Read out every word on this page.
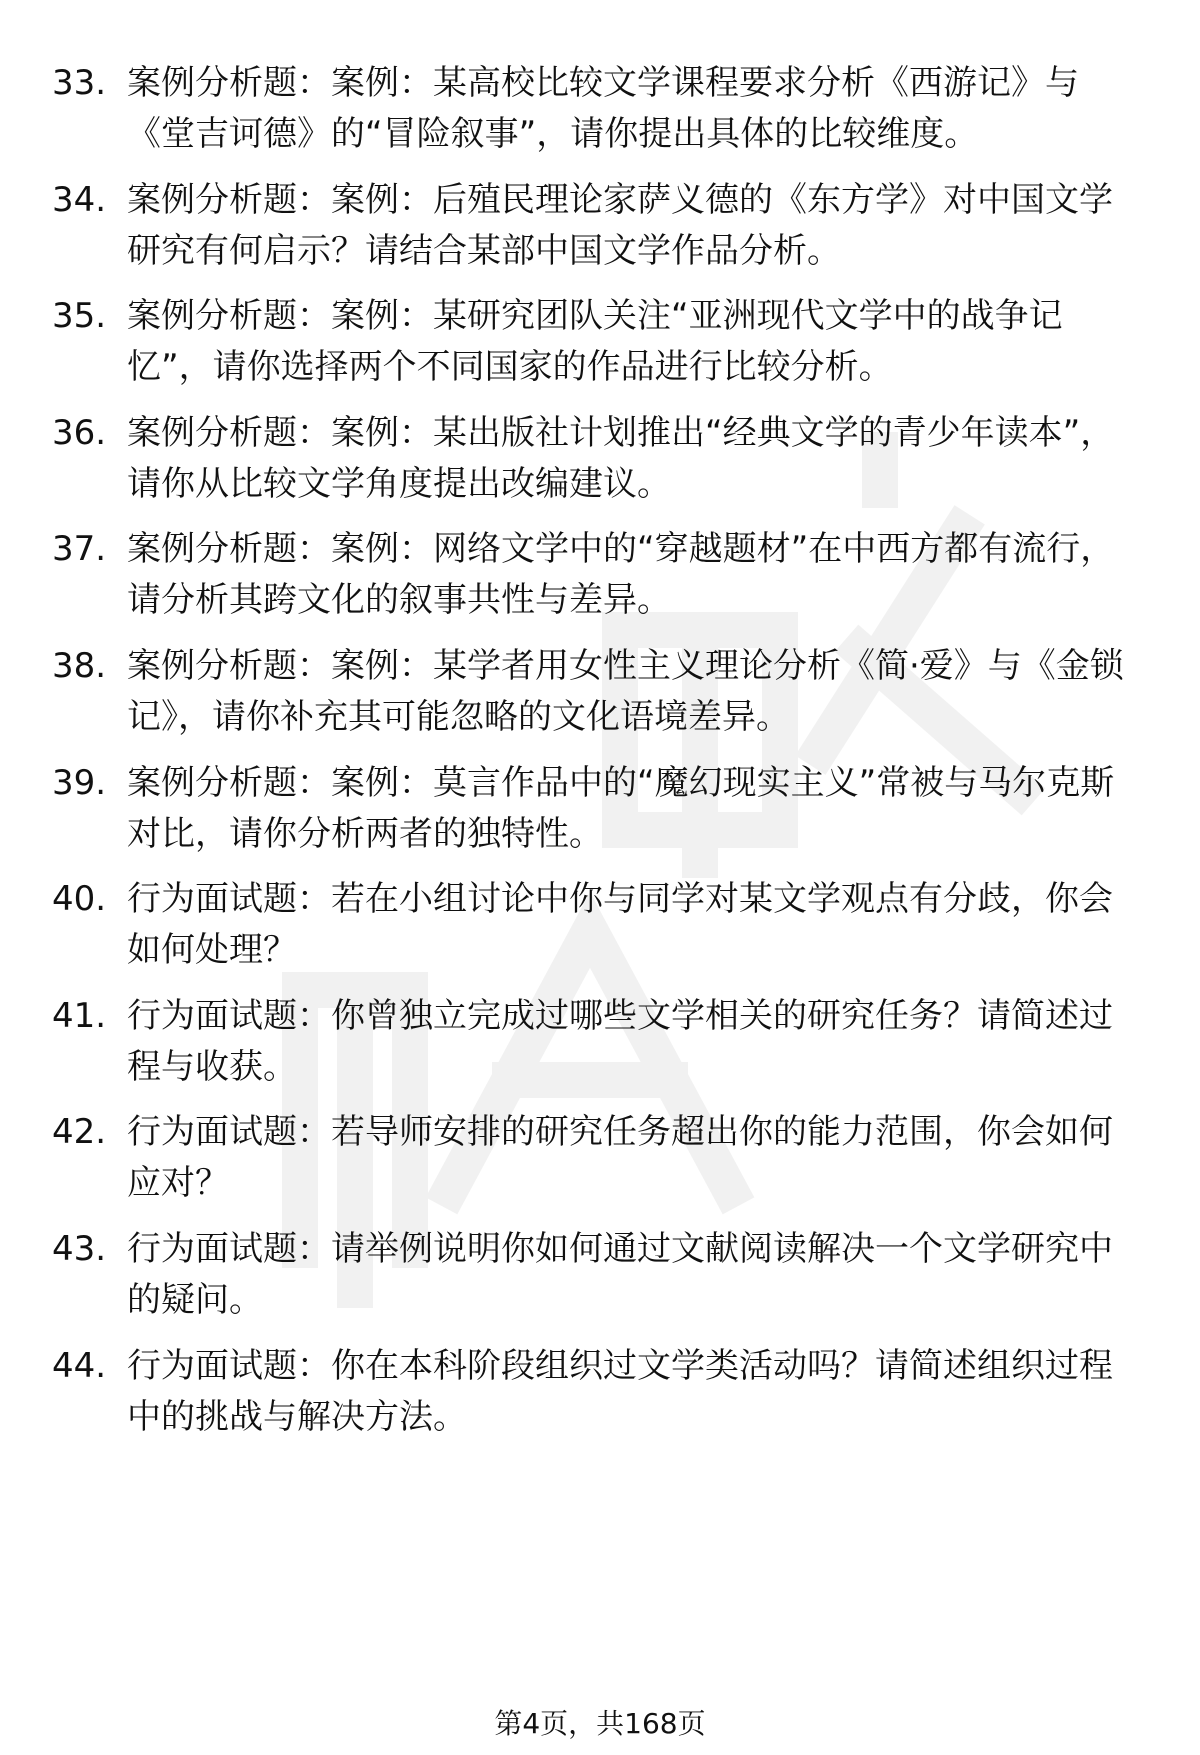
33. 案例分析题：案例：某高校比较文学课程要求分析《西游记》与《堂吉诃德》的“冒险叙事”，请你提出具体的比较维度。
34. 案例分析题：案例：后殖民理论家萨义德的《东方学》对中国文学研究有何启示？请结合某部中国文学作品分析。
35. 案例分析题：案例：某研究团队关注“亚洲现代文学中的战争记忆”，请你选择两个不同国家的作品进行比较分析。
36. 案例分析题：案例：某出版社计划推出“经典文学的青少年读本”，请你从比较文学角度提出改编建议。
37. 案例分析题：案例：网络文学中的“穿越题材”在中西方都有流行，请分析其跨文化的叙事共性与差异。
38. 案例分析题：案例：某学者用女性主义理论分析《简·爱》与《金锁记》，请你补充其可能忽略的文化语境差异。
39. 案例分析题：案例：莫言作品中的“魔幻现实主义”常被与马尔克斯对比，请你分析两者的独特性。
40. 行为面试题：若在小组讨论中你与同学对某文学观点有分歧，你会如何处理？
41. 行为面试题：你曾独立完成过哪些文学相关的研究任务？请简述过程与收获。
42. 行为面试题：若导师安排的研究任务超出你的能力范围，你会如何应对？
43. 行为面试题：请举例说明你如何通过文献阅读解决一个文学研究中的疑问。
44. 行为面试题：你在本科阶段组织过文学类活动吗？请简述组织过程中的挑战与解决方法。
第4页，共168页
